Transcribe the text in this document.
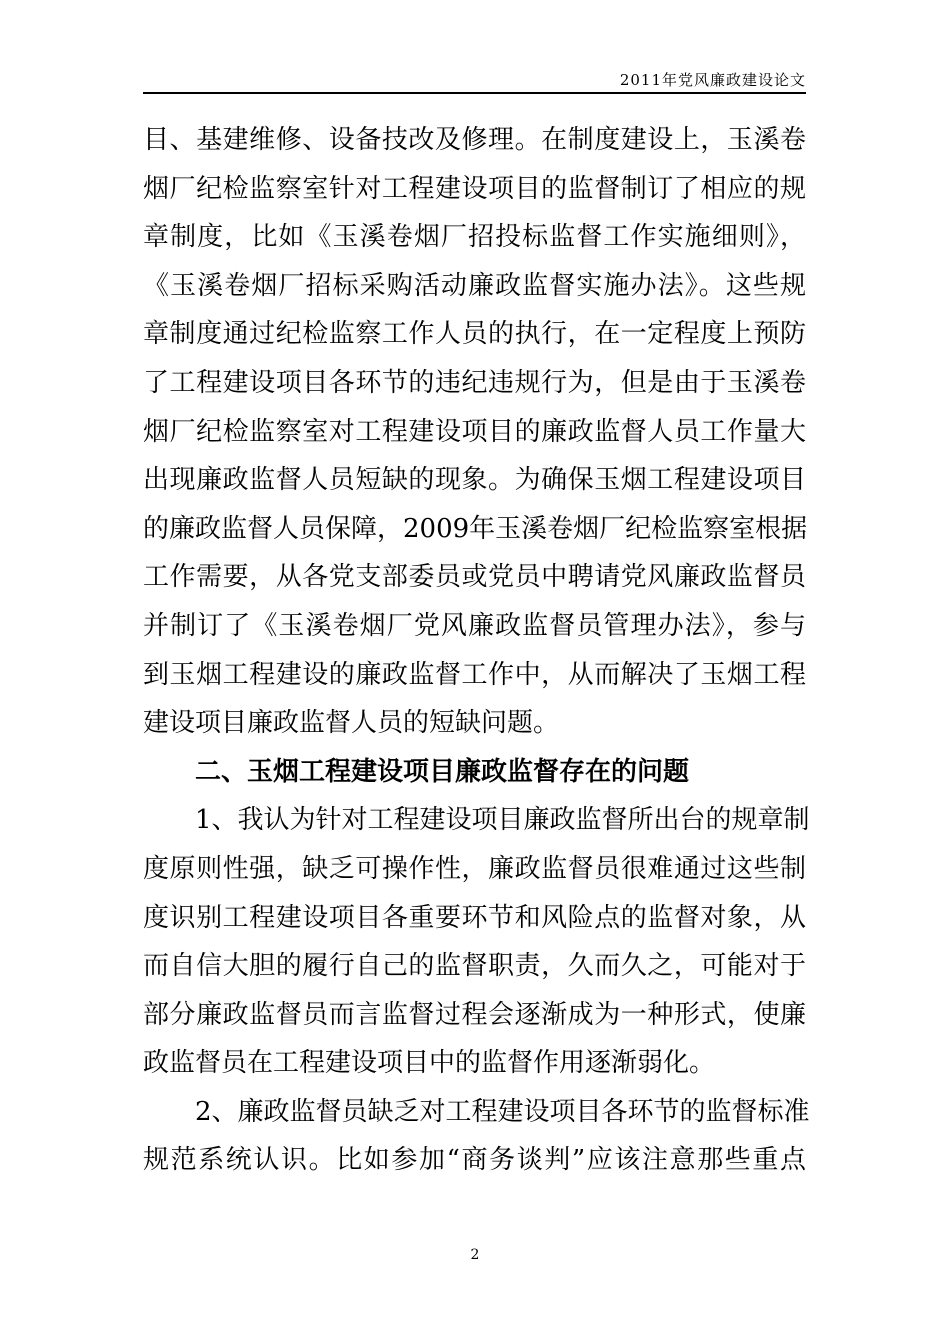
2011年党风廉政建设论文
目、基建维修、设备技改及修理。在制度建设上，玉溪卷
烟厂纪检监察室针对工程建设项目的监督制订了相应的规
章制度，比如《玉溪卷烟厂招投标监督工作实施细则》，
《玉溪卷烟厂招标采购活动廉政监督实施办法》。这些规
章制度通过纪检监察工作人员的执行，在一定程度上预防
了工程建设项目各环节的违纪违规行为，但是由于玉溪卷
烟厂纪检监察室对工程建设项目的廉政监督人员工作量大
出现廉政监督人员短缺的现象。为确保玉烟工程建设项目
的廉政监督人员保障，2009年玉溪卷烟厂纪检监察室根据
工作需要，从各党支部委员或党员中聘请党风廉政监督员
并制订了《玉溪卷烟厂党风廉政监督员管理办法》，参与
到玉烟工程建设的廉政监督工作中，从而解决了玉烟工程
建设项目廉政监督人员的短缺问题。
二、玉烟工程建设项目廉政监督存在的问题
1、我认为针对工程建设项目廉政监督所出台的规章制
度原则性强，缺乏可操作性，廉政监督员很难通过这些制
度识别工程建设项目各重要环节和风险点的监督对象，从
而自信大胆的履行自己的监督职责，久而久之，可能对于
部分廉政监督员而言监督过程会逐渐成为一种形式，使廉
政监督员在工程建设项目中的监督作用逐渐弱化。
2、廉政监督员缺乏对工程建设项目各环节的监督标准
规范系统认识。比如参加“商务谈判”应该注意那些重点
2
